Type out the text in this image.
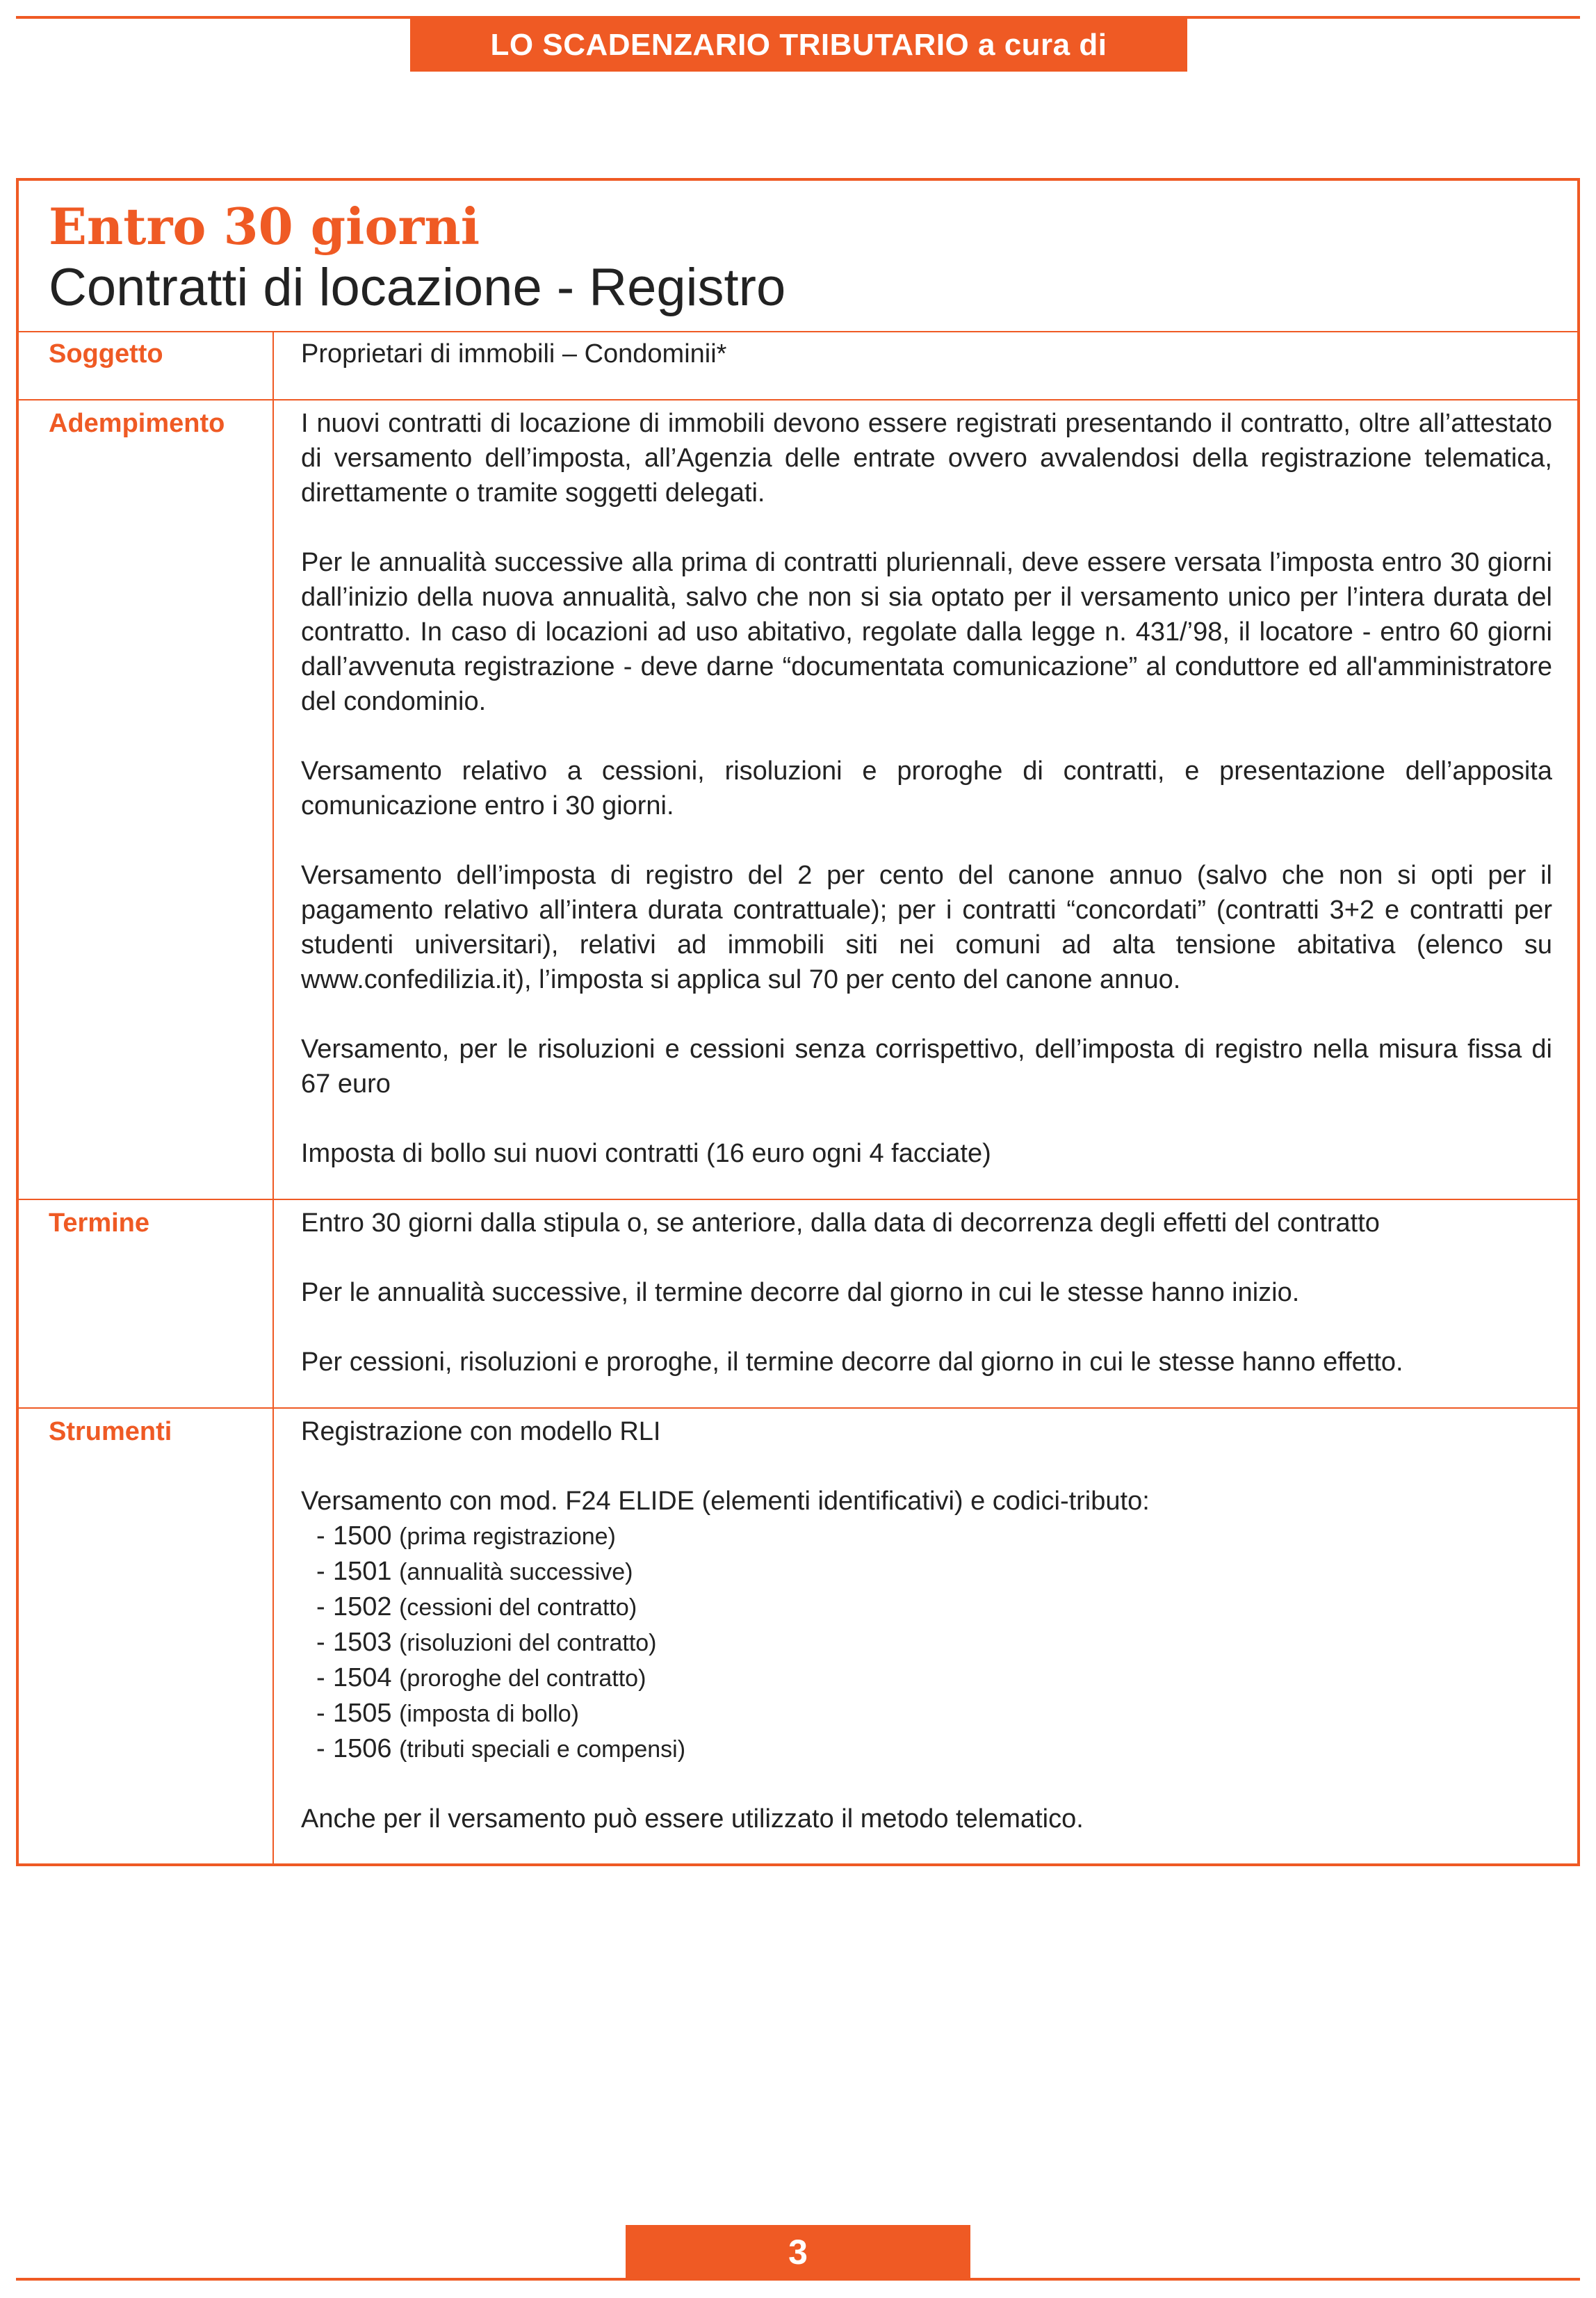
LO SCADENZARIO TRIBUTARIO a cura di CONFEDILIZIA
Entro 30 giorni
Contratti di locazione - Registro
Soggetto	Proprietari di immobili – Condominii*

Adempimento	I nuovi contratti di locazione di immobili devono essere registrati presentando il contratto, oltre all’attestato di versamento dell’imposta, all’Agenzia delle entrate ovvero avvalendosi della registrazione telematica, direttamente o tramite soggetti delegati.

Per le annualità successive alla prima di contratti pluriennali, deve essere versata l’imposta entro 30 giorni dall’inizio della nuova annualità, salvo che non si sia optato per il versamento unico per l’intera durata del contratto. In caso di locazioni ad uso abitativo, regolate dalla legge n. 431/’98, il locatore - entro 60 giorni dall’avvenuta registrazione - deve darne “documentata comunicazione” al conduttore ed all'amministratore del condominio.

Versamento relativo a cessioni, risoluzioni e proroghe di contratti, e presentazione dell’apposita comunicazione entro i 30 giorni.

Versamento dell’imposta di registro del 2 per cento del canone annuo (salvo che non si opti per il pagamento relativo all’intera durata contrattuale); per i contratti “concordati” (contratti 3+2 e contratti per studenti universitari), relativi ad immobili siti nei comuni ad alta tensione abitativa (elenco su www.confedilizia.it), l’imposta si applica sul 70 per cento del canone annuo.

Versamento, per le risoluzioni e cessioni senza corrispettivo, dell’imposta di registro nella misura fissa di 67 euro

Imposta di bollo sui nuovi contratti (16 euro ogni 4 facciate)

Termine	Entro 30 giorni dalla stipula o, se anteriore, dalla data di decorrenza degli effetti del contratto

Per le annualità successive, il termine decorre dal giorno in cui le stesse hanno inizio.

Per cessioni, risoluzioni e proroghe, il termine decorre dal giorno in cui le stesse hanno effetto.

Strumenti	Registrazione con modello RLI

Versamento con mod. F24 ELIDE (elementi identificativi) e codici-tributo:

- 1500 (prima registrazione)
- 1501 (annualità successive)
- 1502 (cessioni del contratto)
- 1503 (risoluzioni del contratto)
- 1504 (proroghe del contratto)
- 1505 (imposta di bollo)
- 1506 (tributi speciali e compensi)

Anche per il versamento può essere utilizzato il metodo telematico.

3
